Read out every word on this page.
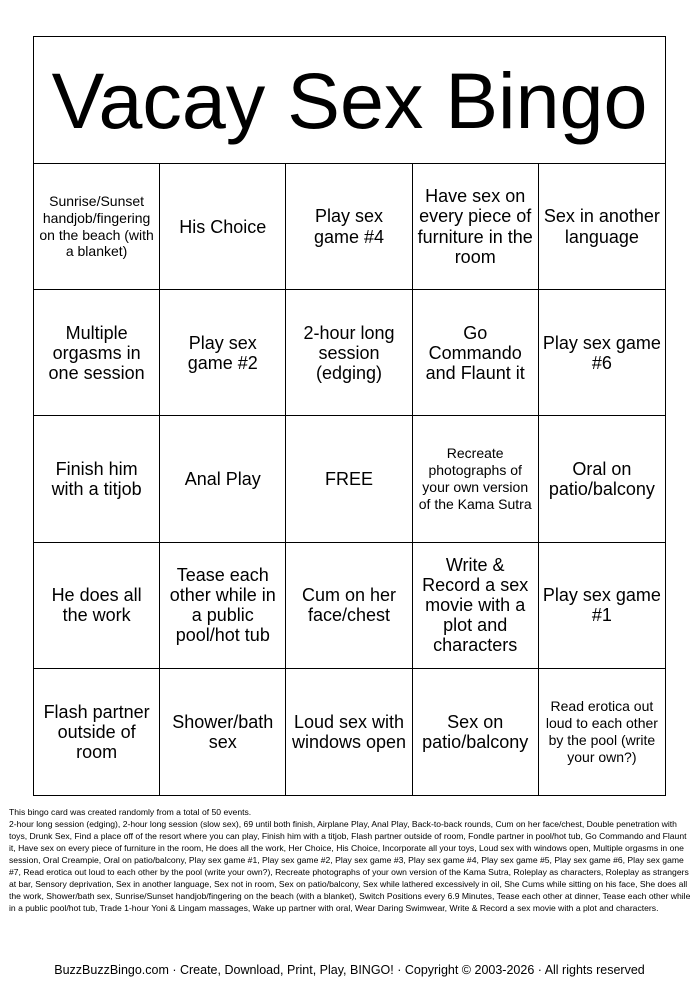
Vacay Sex Bingo
Sunrise/Sunset handjob/fingering on the beach (with a blanket)
His Choice
Play sex game #4
Have sex on every piece of furniture in the room
Sex in another language
Multiple orgasms in one session
Play sex game #2
2-hour long session (edging)
Go Commando and Flaunt it
Play sex game #6
Finish him with a titjob
Anal Play	FREE
Recreate photographs of your own version of the Kama Sutra
Oral on patio/balcony
He does all the work
Tease each other while in a public pool/hot tub
Cum on her face/chest
Write & Record a sex movie with a plot and characters
Play sex game #1
Flash partner outside of room
Shower/bath sex
Loud sex with windows open
Sex on patio/balcony
Read erotica out loud to each other by the pool (write your own?)

This bingo card was created randomly from a total of 50 events.

2-hour long session (edging), 2-hour long session (slow sex), 69 until both finish, Airplane Play, Anal Play, Back-to-back rounds, Cum on her face/chest, Double penetration with toys, Drunk Sex, Find a place off of the resort where you can play, Finish him with a titjob, Flash partner outside of room, Fondle partner in pool/hot tub, Go Commando and Flaunt it, Have sex on every piece of furniture in the room, He does all the work, Her Choice, His Choice, Incorporate all your toys, Loud sex with windows open, Multiple orgasms in one session, Oral Creampie, Oral on patio/balcony, Play sex game #1, Play sex game #2, Play sex game #3, Play sex game #4, Play sex game #5, Play sex game #6, Play sex game #7, Read erotica out loud to each other by the pool (write your own?), Recreate photographs of your own version of the Kama Sutra, Roleplay as characters, Roleplay as strangers at bar, Sensory deprivation, Sex in another language, Sex not in room, Sex on patio/balcony, Sex while lathered excessively in oil, She Cums while sitting on his face, She does all the work, Shower/bath sex, Sunrise/Sunset handjob/fingering on the beach (with a blanket), Switch Positions every 6.9 Minutes, Tease each other at dinner, Tease each other while in a public pool/hot tub, Trade 1-hour Yoni & Lingam massages, Wake up partner with oral, Wear Daring Swimwear, Write & Record a sex movie with a plot and characters.

BuzzBuzzBingo.com · Create, Download, Print, Play, BINGO! · Copyright © 2003-2026 · All rights reserved
